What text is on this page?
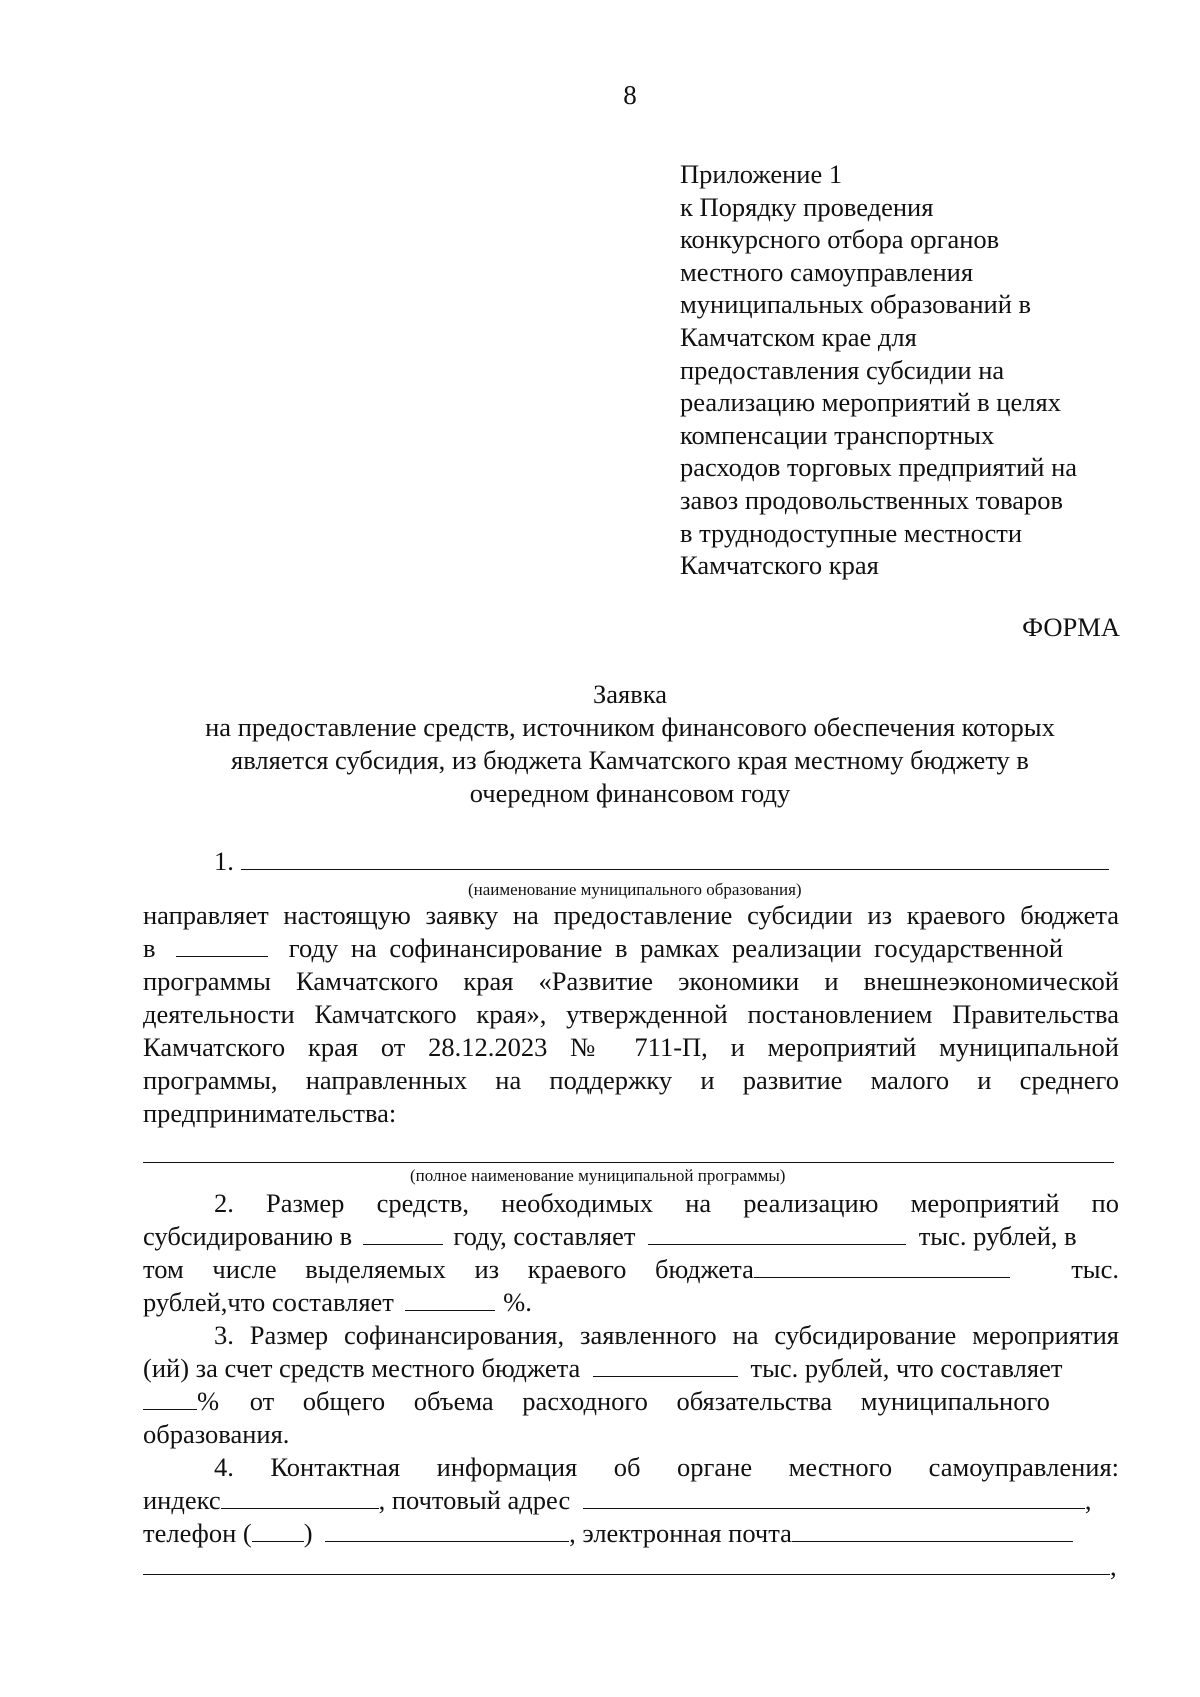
8
Приложение 1
к Порядку проведения
конкурсного отбора органов
местного самоуправления
муниципальных образований в
Камчатском крае для
предоставления субсидии на
реализацию мероприятий в целях
компенсации транспортных
расходов торговых предприятий на
завоз продовольственных товаров
в труднодоступные местности
Камчатского края
ФОРМА
Заявка
на предоставление средств, источником финансового обеспечения которых
является субсидия, из бюджета Камчатского края местному бюджету в
очередном финансовом году
1.
(наименование муниципального образования)
направляет настоящую заявку на предоставление субсидии из краевого бюджета
в	году на софинансирование в рамках реализации государственной
программы Камчатского края «Развитие экономики и внешнеэкономической
деятельности Камчатского края», утвержденной постановлением Правительства
Камчатского края от 28.12.2023 № 711-П, и мероприятий муниципальной
программы, направленных на поддержку и развитие малого и среднего
предпринимательства:
(полное наименование муниципальной программы)
2. Размер средств, необходимых на реализацию мероприятий по
субсидированию в	году, составляет	тыс. рублей, в
том числе выделяемых из краевого бюджета	тыс.
рублей,что составляет	%.
3. Размер софинансирования, заявленного на субсидирование мероприятия
(ий) за счет средств местного бюджета	тыс. рублей, что составляет
% от общего объема расходного обязательства муниципального
образования.
4. Контактная информация об органе местного самоуправления:
индекс	, почтовый адрес	,
телефон ( )	, электронная почта
,
